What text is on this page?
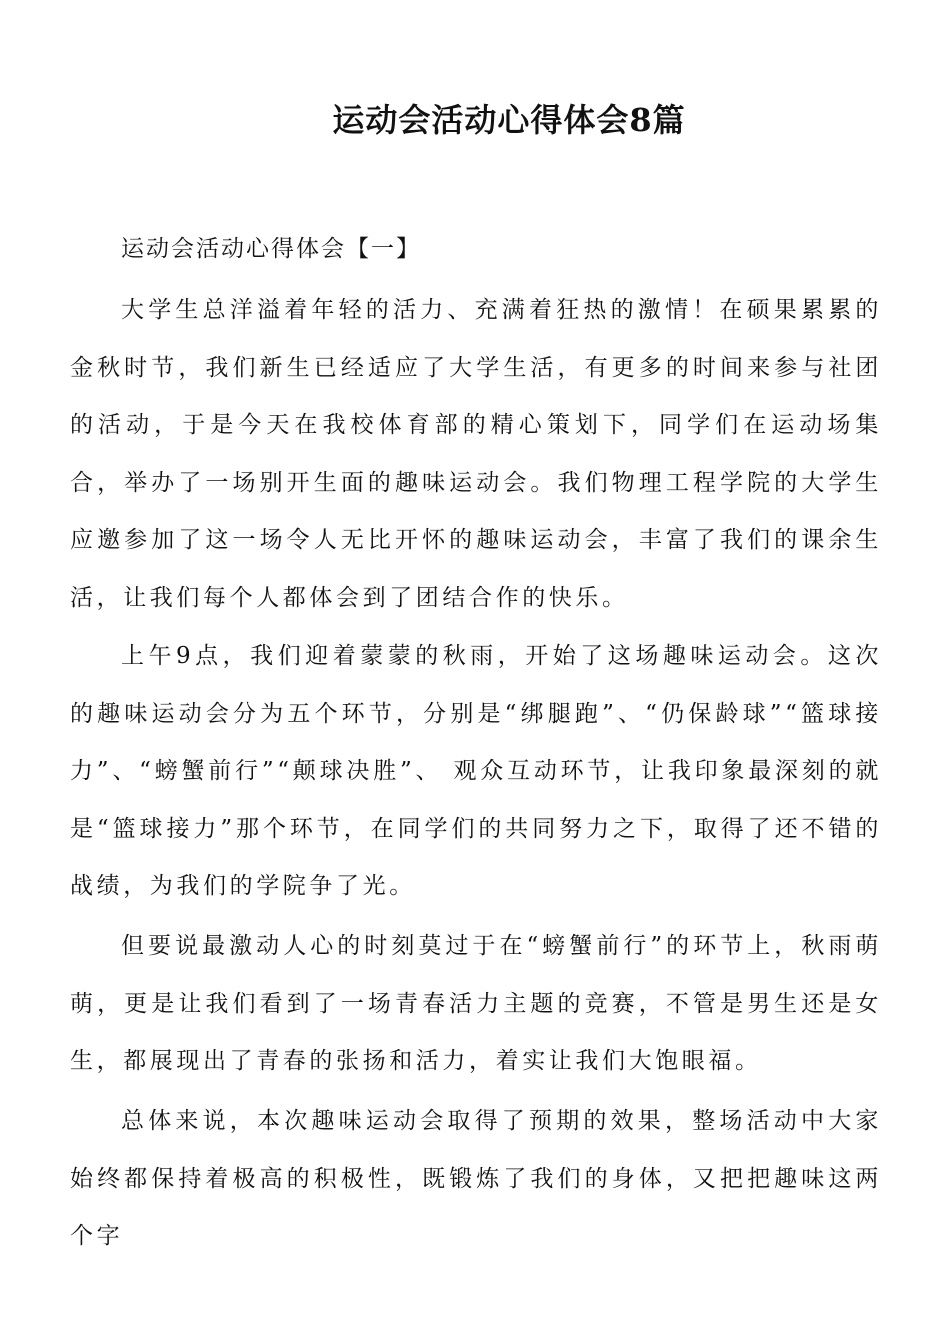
运动会活动心得体会8篇

运动会活动心得体会【一】

大学生总洋溢着年轻的活力、充满着狂热的激情！在硕果累累的金秋时节，我们新生已经适应了大学生活，有更多的时间来参与社团的活动，于是今天在我校体育部的精心策划下，同学们在运动场集合，举办了一场别开生面的趣味运动会。我们物理工程学院的大学生应邀参加了这一场令人无比开怀的趣味运动会，丰富了我们的课余生活，让我们每个人都体会到了团结合作的快乐。

上午9点，我们迎着蒙蒙的秋雨，开始了这场趣味运动会。这次的趣味运动会分为五个环节，分别是“绑腿跑”、“仍保龄球”“篮球接力”、“螃蟹前行”“颠球决胜”、 观众互动环节，让我印象最深刻的就是“篮球接力”那个环节，在同学们的共同努力之下，取得了还不错的战绩，为我们的学院争了光。

但要说最激动人心的时刻莫过于在“螃蟹前行”的环节上，秋雨萌萌，更是让我们看到了一场青春活力主题的竞赛，不管是男生还是女生，都展现出了青春的张扬和活力，着实让我们大饱眼福。

总体来说，本次趣味运动会取得了预期的效果，整场活动中大家始终都保持着极高的积极性，既锻炼了我们的身体，又把把趣味这两个字
